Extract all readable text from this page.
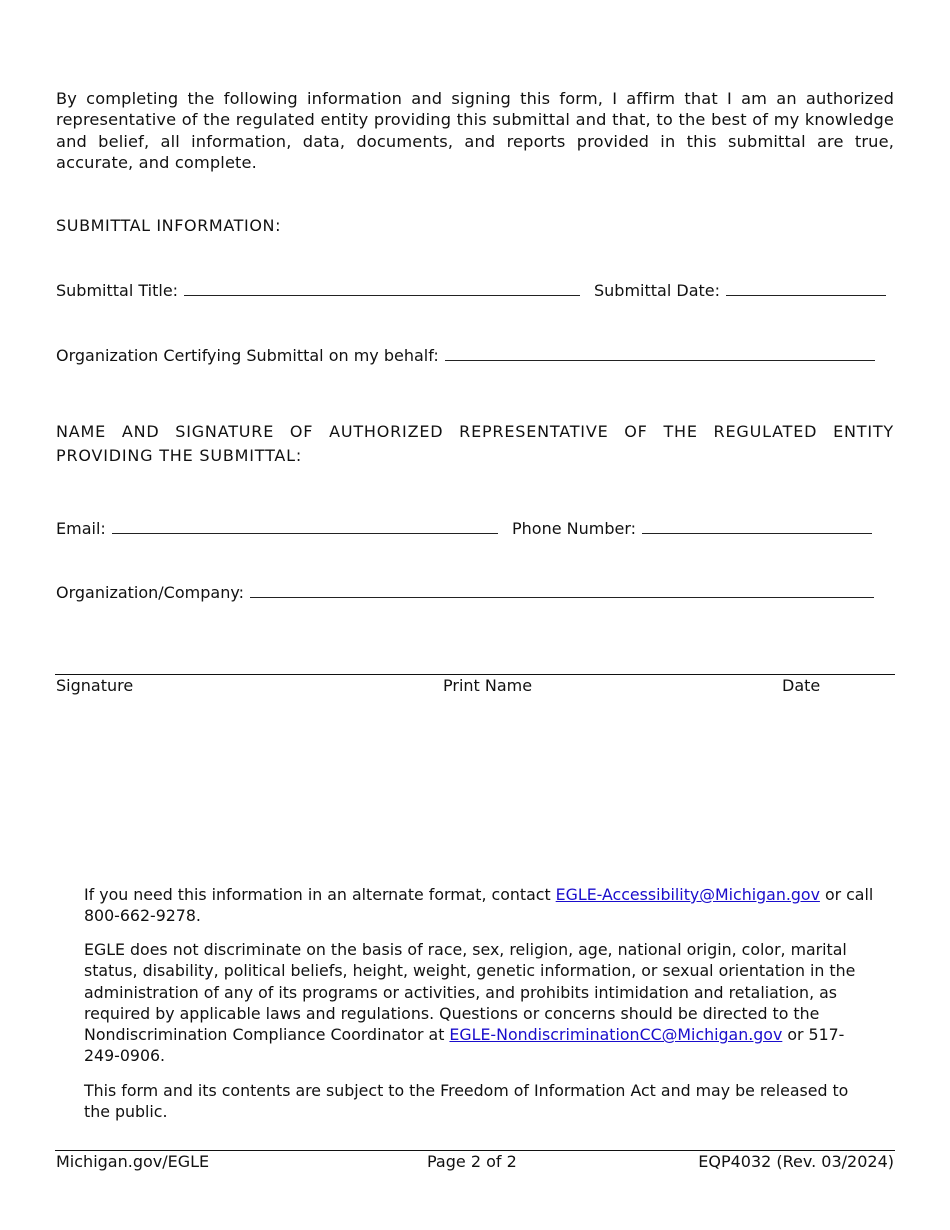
By completing the following information and signing this form, I affirm that I am an authorized representative of the regulated entity providing this submittal and that, to the best of my knowledge and belief, all information, data, documents, and reports provided in this submittal are true, accurate, and complete.

SUBMITTAL INFORMATION:
Submittal Title:	Submittal Date:
Organization Certifying Submittal on my behalf:

NAME AND SIGNATURE OF AUTHORIZED REPRESENTATIVE OF THE REGULATED ENTITY PROVIDING THE SUBMITTAL:

Email:	Phone Number:
Organization/Company:
Signature	Print Name	Date

If you need this information in an alternate format, contact EGLE-Accessibility@Michigan.gov or call 800-662-9278.

EGLE does not discriminate on the basis of race, sex, religion, age, national origin, color, marital status, disability, political beliefs, height, weight, genetic information, or sexual orientation in the administration of any of its programs or activities, and prohibits intimidation and retaliation, as required by applicable laws and regulations. Questions or concerns should be directed to the Nondiscrimination Compliance Coordinator at EGLE-NondiscriminationCC@Michigan.gov or 517-249-0906.

This form and its contents are subject to the Freedom of Information Act and may be released to the public.

Michigan.gov/EGLE	Page 2 of 2	EQP4032 (Rev. 03/2024)
